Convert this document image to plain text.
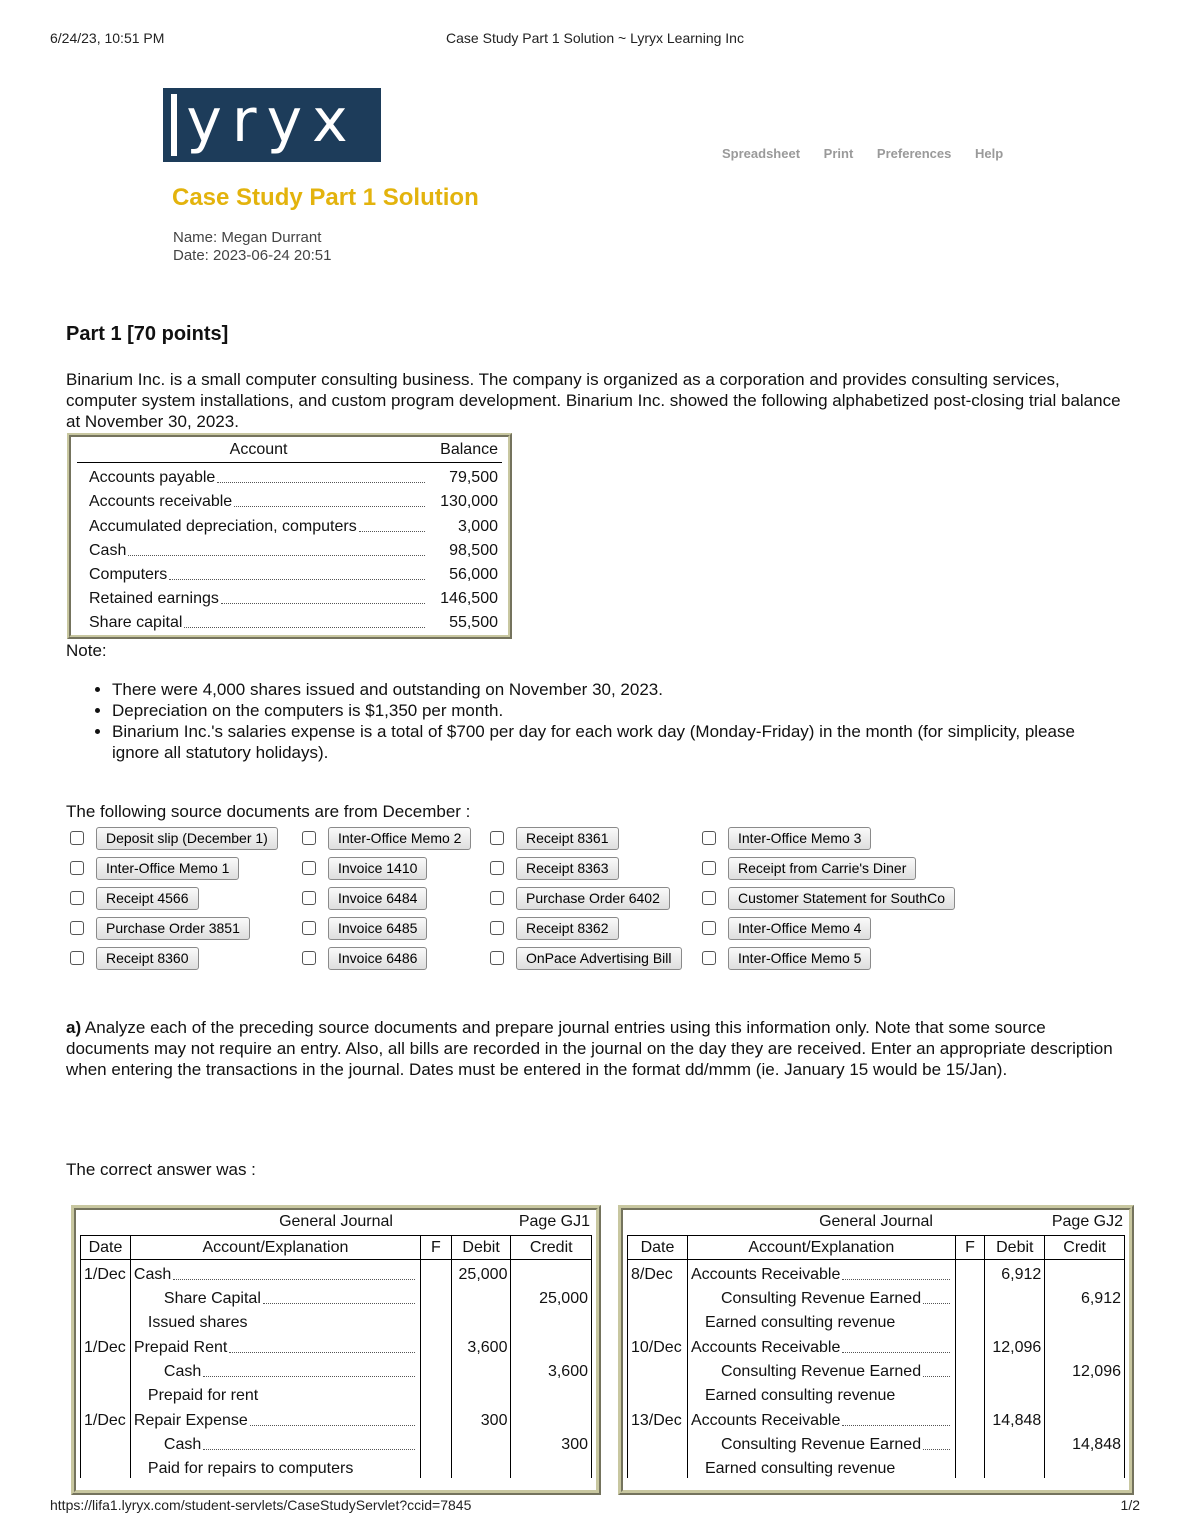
6/24/23, 10:51 PM	Case Study Part 1 Solution ~ Lyryx Learning Inc
yryx	Spreadsheet Print Preferences Help
Case Study Part 1 Solution
Name: Megan Durrant
Date: 2023-06-24 20:51
Part 1 [70 points]
Binarium Inc. is a small computer consulting business. The company is organized as a corporation and provides consulting services, computer system installations, and custom program development. Binarium Inc. showed the following alphabetized post-closing trial balance at November 30, 2023.
Account	Balance
Accounts payable	79,500
Accounts receivable	130,000
Accumulated depreciation, computers	3,000
Cash	98,500
Computers	56,000
Retained earnings	146,500
Share capital	55,500
Note:
• There were 4,000 shares issued and outstanding on November 30, 2023.
• Depreciation on the computers is $1,350 per month.
• Binarium Inc.'s salaries expense is a total of $700 per day for each work day (Monday-Friday) in the month (for simplicity, please ignore all statutory holidays).
The following source documents are from December :
Deposit slip (December 1)
Inter-Office Memo 1
Receipt 4566
Purchase Order 3851
Receipt 8360
Inter-Office Memo 2
Invoice 1410
Invoice 6484
Invoice 6485
Invoice 6486
Receipt 8361
Receipt 8363
Purchase Order 6402
Receipt 8362
OnPace Advertising Bill
Inter-Office Memo 3
Receipt from Carrie's Diner
Customer Statement for SouthCo
Inter-Office Memo 4
Inter-Office Memo 5
a) Analyze each of the preceding source documents and prepare journal entries using this information only. Note that some source documents may not require an entry. Also, all bills are recorded in the journal on the day they are received. Enter an appropriate description when entering the transactions in the journal. Dates must be entered in the format dd/mmm (ie. January 15 would be 15/Jan).
The correct answer was :
General Journal	Page GJ1
Date	Account/Explanation	F	Debit	Credit
1/Dec	Cash		25,000	

	Share Capital			25,000
	Issued shares			
1/Dec	Prepaid Rent		3,600	

	Cash			3,600
	Prepaid for rent			
1/Dec	Repair Expense		300	

	Cash			300
	Paid for repairs to computers			
General Journal	Page GJ2
Date	Account/Explanation	F	Debit	Credit
8/Dec	Accounts Receivable		6,912	

	Consulting Revenue Earned			6,912
	Earned consulting revenue			
10/Dec	Accounts Receivable		12,096	

	Consulting Revenue Earned			12,096
	Earned consulting revenue			
13/Dec	Accounts Receivable		14,848	

	Consulting Revenue Earned			14,848
	Earned consulting revenue			
https://lifa1.lyryx.com/student-servlets/CaseStudyServlet?ccid=7845	1/2
